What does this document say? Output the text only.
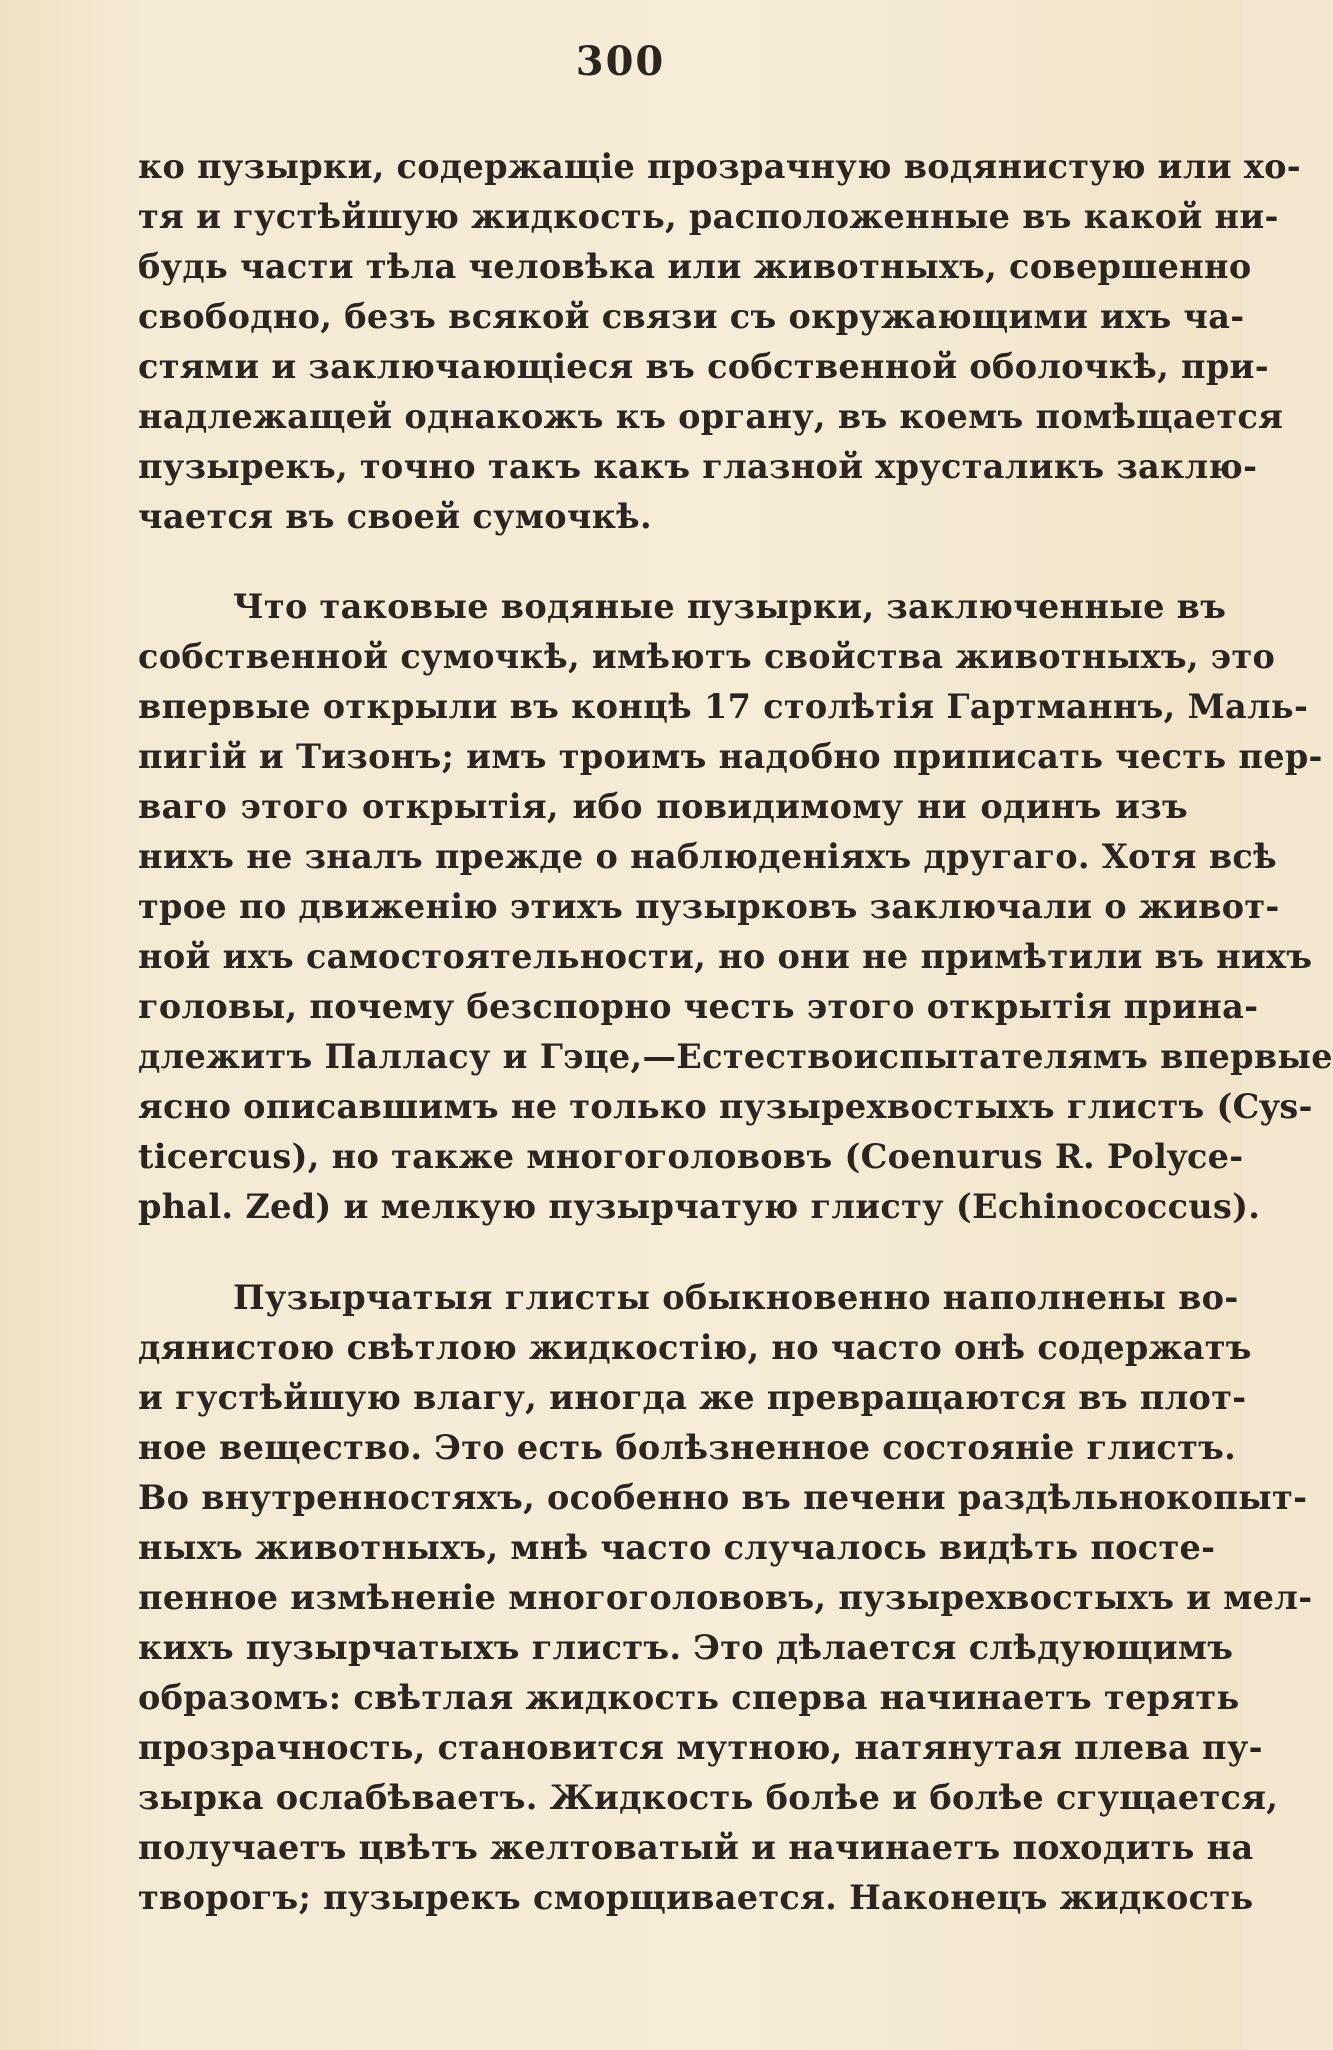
300
ко пузырки, содержащіе прозрачную водянистую или хо-
тя и густѣйшую жидкость, расположенные въ какой ни-
будь части тѣла человѣка или животныхъ, совершенно
свободно, безъ всякой связи съ окружающими ихъ ча-
стями и заключающіеся въ собственной оболочкѣ, при-
надлежащей однакожъ къ органу, въ коемъ помѣщается
пузырекъ, точно такъ какъ глазной хрусталикъ заклю-
чается въ своей сумочкѣ.
Что таковые водяные пузырки, заключенные въ
собственной сумочкѣ, имѣютъ свойства животныхъ, это
впервые открыли въ концѣ 17 столѣтія Гартманнъ, Маль-
пигій и Тизонъ; имъ троимъ надобно приписать честь пер-
ваго этого открытія, ибо повидимому ни одинъ изъ
нихъ не зналъ прежде о наблюденіяхъ другаго. Хотя всѣ
трое по движенію этихъ пузырковъ заключали о живот-
ной ихъ самостоятельности, но они не примѣтили въ нихъ
головы, почему безспорно честь этого открытія прина-
длежитъ Палласу и Гэце,—Естествоиспытателямъ впервые
ясно описавшимъ не только пузырехвостыхъ глистъ (Cys-
ticercus), но также многоголововъ (Coenurus R. Polyce-
phal. Zed) и мелкую пузырчатую глисту (Echinococcus).
Пузырчатыя глисты обыкновенно наполнены во-
дянистою свѣтлою жидкостію, но часто онѣ содержатъ
и густѣйшую влагу, иногда же превращаются въ плот-
ное вещество. Это есть болѣзненное состояніе глистъ.
Во внутренностяхъ, особенно въ печени раздѣльнокопыт-
ныхъ животныхъ, мнѣ часто случалось видѣть посте-
пенное измѣненіе многоголововъ, пузырехвостыхъ и мел-
кихъ пузырчатыхъ глистъ. Это дѣлается слѣдующимъ
образомъ: свѣтлая жидкость сперва начинаетъ терять
прозрачность, становится мутною, натянутая плева пу-
зырка ослабѣваетъ. Жидкость болѣе и болѣе сгущается,
получаетъ цвѣтъ желтоватый и начинаетъ походить на
творогъ; пузырекъ сморщивается. Наконецъ жидкость
